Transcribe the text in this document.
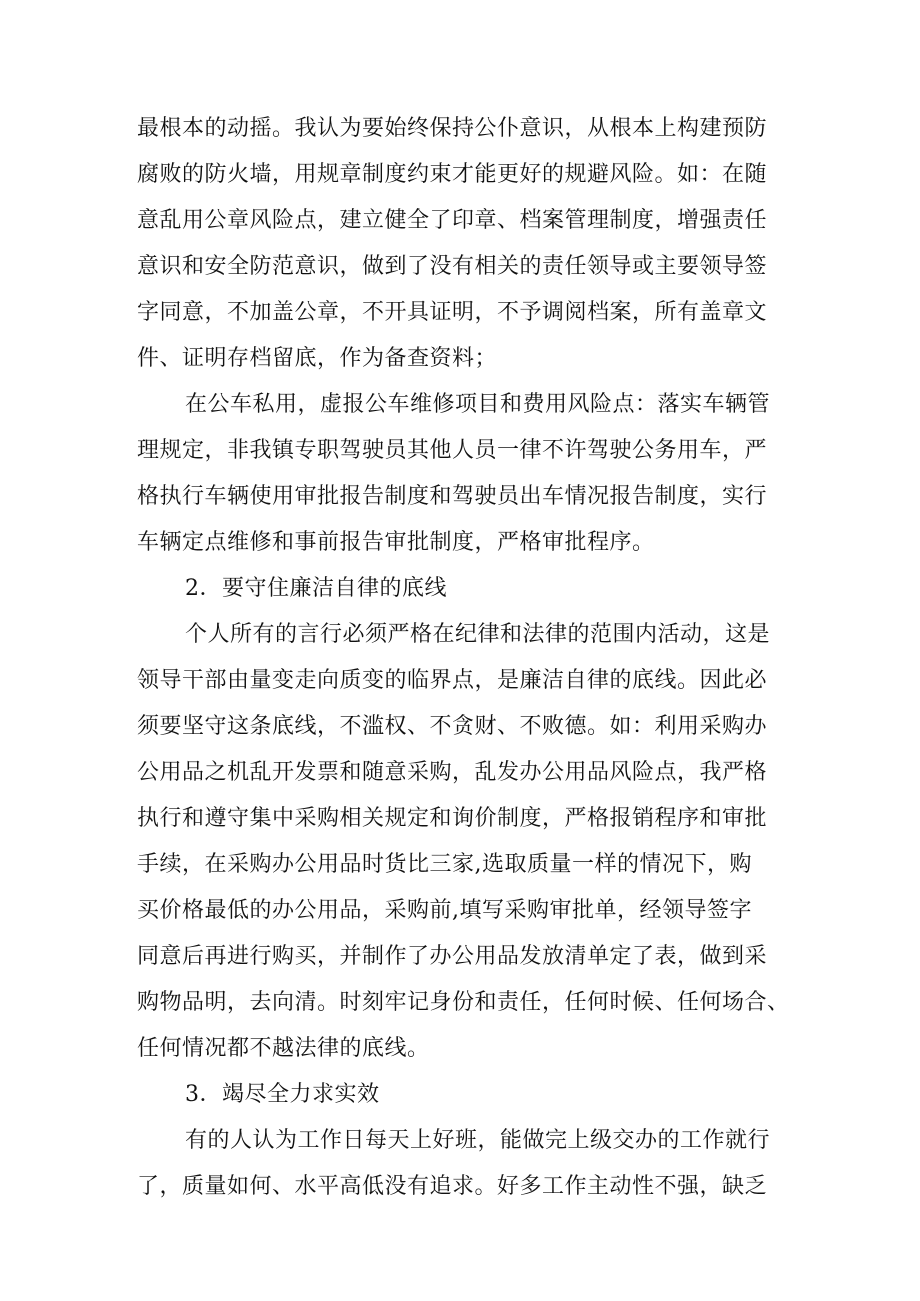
最根本的动摇。我认为要始终保持公仆意识，从根本上构建预防
腐败的防火墙，用规章制度约束才能更好的规避风险。如：在随
意乱用公章风险点，建立健全了印章、档案管理制度，增强责任
意识和安全防范意识，做到了没有相关的责任领导或主要领导签
字同意，不加盖公章，不开具证明，不予调阅档案，所有盖章文
件、证明存档留底，作为备查资料；
在公车私用，虚报公车维修项目和费用风险点：落实车辆管
理规定，非我镇专职驾驶员其他人员一律不许驾驶公务用车，严
格执行车辆使用审批报告制度和驾驶员出车情况报告制度，实行
车辆定点维修和事前报告审批制度，严格审批程序。
2．要守住廉洁自律的底线
个人所有的言行必须严格在纪律和法律的范围内活动，这是
领导干部由量变走向质变的临界点，是廉洁自律的底线。因此必
须要坚守这条底线，不滥权、不贪财、不败德。如：利用采购办
公用品之机乱开发票和随意采购，乱发办公用品风险点，我严格
执行和遵守集中采购相关规定和询价制度，严格报销程序和审批
手续，在采购办公用品时货比三家,选取质量一样的情况下，购
买价格最低的办公用品，采购前,填写采购审批单，经领导签字
同意后再进行购买，并制作了办公用品发放清单定了表，做到采
购物品明，去向清。时刻牢记身份和责任，任何时候、任何场合、
任何情况都不越法律的底线。
3．竭尽全力求实效
有的人认为工作日每天上好班，能做完上级交办的工作就行
了，质量如何、水平高低没有追求。好多工作主动性不强，缺乏
